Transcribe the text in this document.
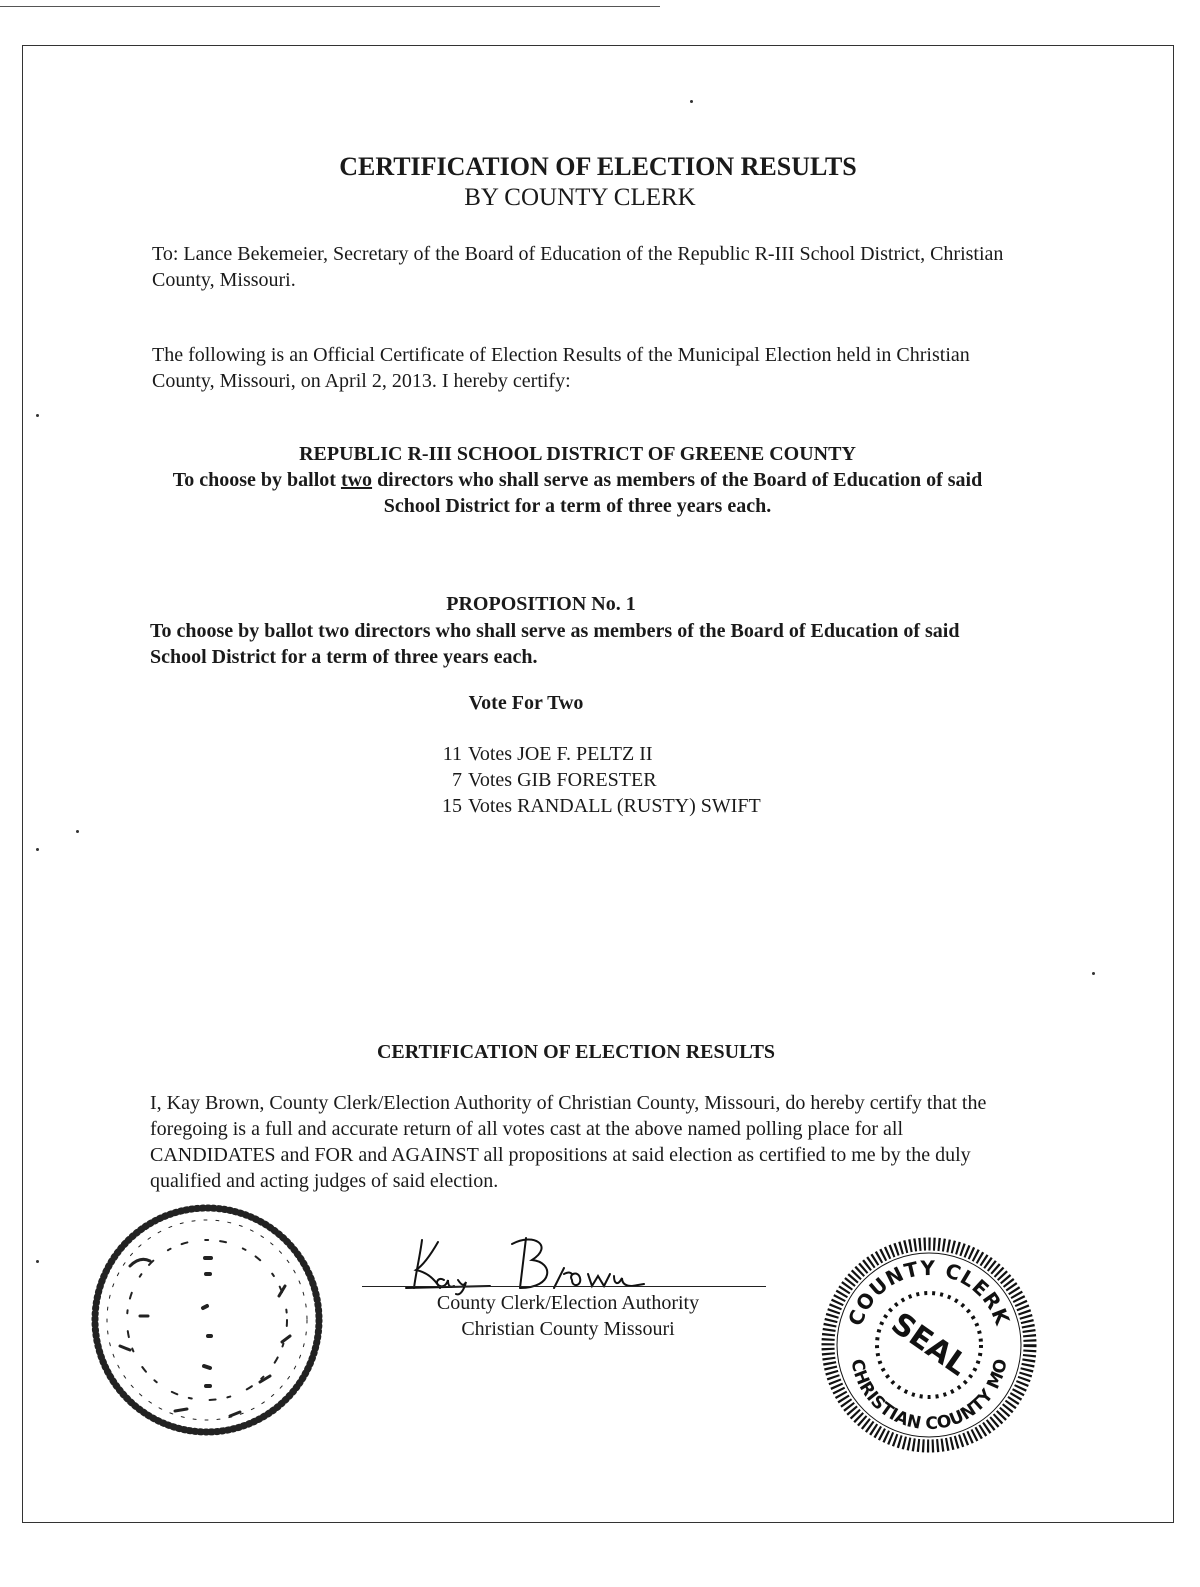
CERTIFICATION OF ELECTION RESULTS
BY COUNTY CLERK

To: Lance Bekemeier, Secretary of the Board of Education of the Republic R-III School District, Christian County, Missouri.

The following is an Official Certificate of Election Results of the Municipal Election held in Christian County, Missouri, on April 2, 2013. I hereby certify:

REPUBLIC R-III SCHOOL DISTRICT OF GREENE COUNTY
To choose by ballot two directors who shall serve as members of the Board of Education of said School District for a term of three years each.
PROPOSITION No. 1
To choose by ballot two directors who shall serve as members of the Board of Education of said School District for a term of three years each.
Vote For Two
11 Votes JOE F. PELTZ II
7 Votes GIB FORESTER
15 Votes RANDALL (RUSTY) SWIFT
CERTIFICATION OF ELECTION RESULTS

I, Kay Brown, County Clerk/Election Authority of Christian County, Missouri, do hereby certify that the foregoing is a full and accurate return of all votes cast at the above named polling place for all CANDIDATES and FOR and AGAINST all propositions at said election as certified to me by the duly qualified and acting judges of said election.

County Clerk/Election Authority
Christian County Missouri
COUNTY CLERK
CHRISTIAN COUNTY MO
SEAL
